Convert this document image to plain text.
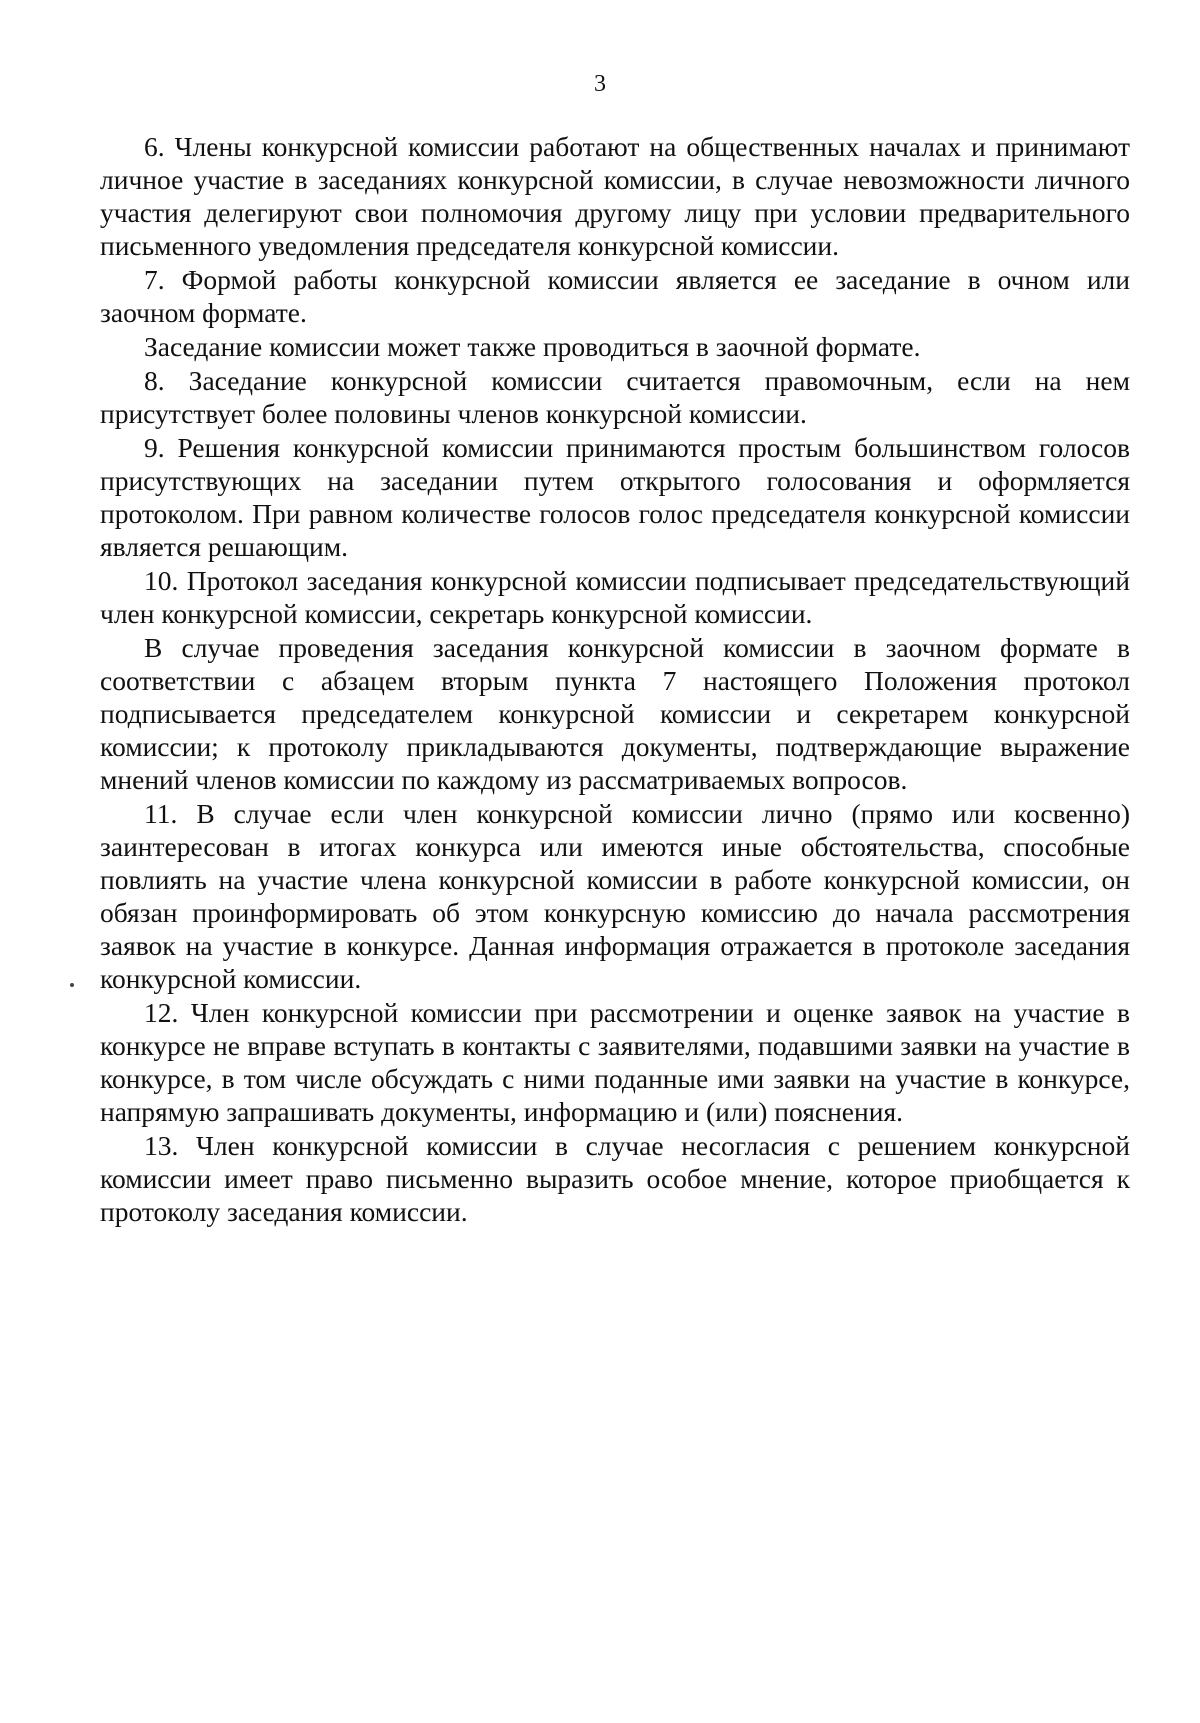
3

6. Члены конкурсной комиссии работают на общественных началах и принимают личное участие в заседаниях конкурсной комиссии, в случае невозможности личного участия делегируют свои полномочия другому лицу при условии предварительного письменного уведомления председателя конкурсной комиссии.

7. Формой работы конкурсной комиссии является ее заседание в очном или заочном формате.

Заседание комиссии может также проводиться в заочной формате.

8. Заседание конкурсной комиссии считается правомочным, если на нем присутствует более половины членов конкурсной комиссии.

9. Решения конкурсной комиссии принимаются простым большинством голосов присутствующих на заседании путем открытого голосования и оформляется протоколом. При равном количестве голосов голос председателя конкурсной комиссии является решающим.

10. Протокол заседания конкурсной комиссии подписывает председательствующий член конкурсной комиссии, секретарь конкурсной комиссии.

В случае проведения заседания конкурсной комиссии в заочном формате в соответствии с абзацем вторым пункта 7 настоящего Положения протокол подписывается председателем конкурсной комиссии и секретарем конкурсной комиссии; к протоколу прикладываются документы, подтверждающие выражение мнений членов комиссии по каждому из рассматриваемых вопросов.

11. В случае если член конкурсной комиссии лично (прямо или косвенно) заинтересован в итогах конкурса или имеются иные обстоятельства, способные повлиять на участие члена конкурсной комиссии в работе конкурсной комиссии, он обязан проинформировать об этом конкурсную комиссию до начала рассмотрения заявок на участие в конкурсе. Данная информация отражается в протоколе заседания конкурсной комиссии.

12. Член конкурсной комиссии при рассмотрении и оценке заявок на участие в конкурсе не вправе вступать в контакты с заявителями, подавшими заявки на участие в конкурсе, в том числе обсуждать с ними поданные ими заявки на участие в конкурсе, напрямую запрашивать документы, информацию и (или) пояснения.

13. Член конкурсной комиссии в случае несогласия с решением конкурсной комиссии имеет право письменно выразить особое мнение, которое приобщается к протоколу заседания комиссии.
